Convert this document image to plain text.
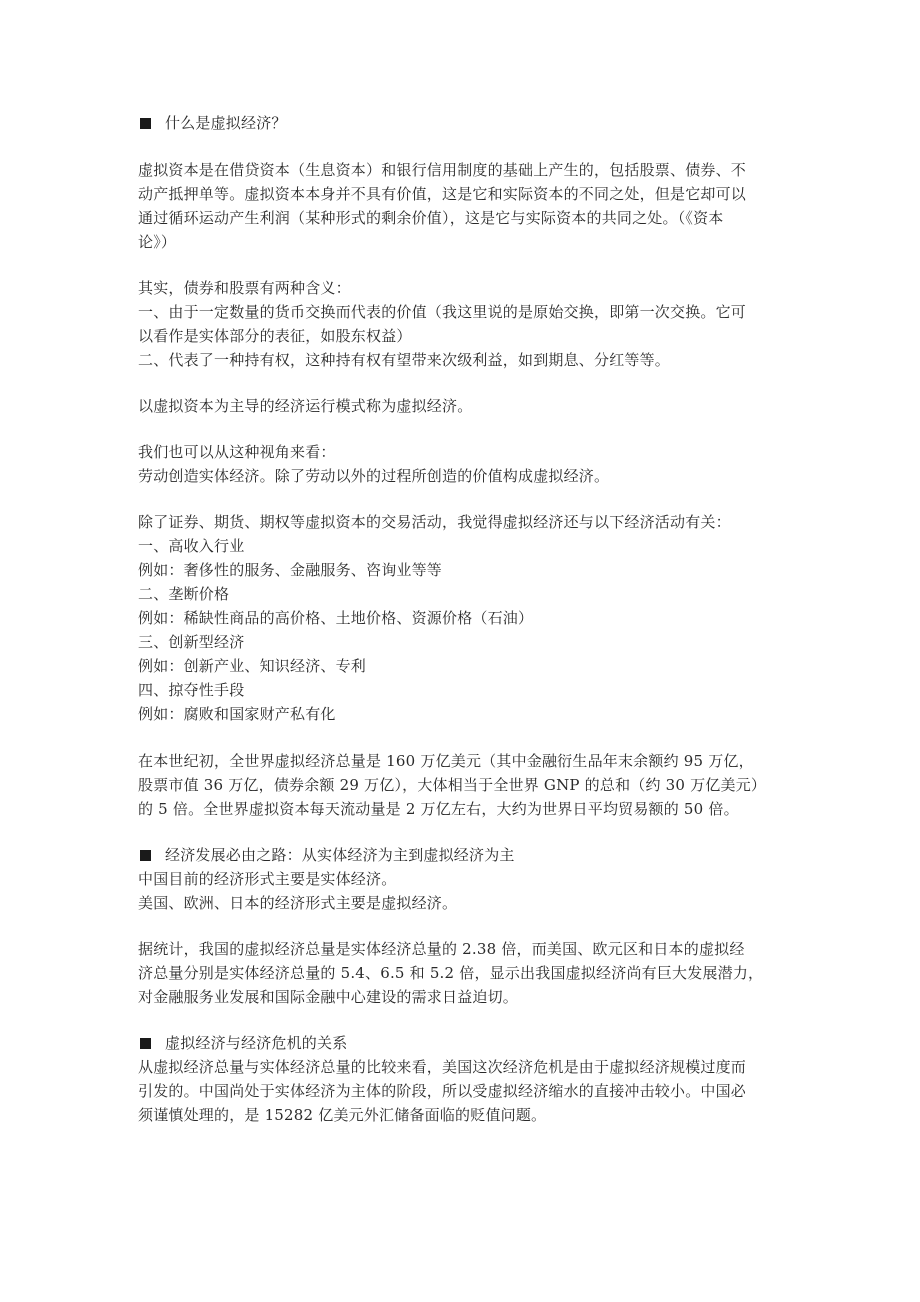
什么是虚拟经济？
虚拟资本是在借贷资本（生息资本）和银行信用制度的基础上产生的，包括股票、债券、不
动产抵押单等。虚拟资本本身并不具有价值，这是它和实际资本的不同之处，但是它却可以
通过循环运动产生利润（某种形式的剩余价值），这是它与实际资本的共同之处。（《资本
论》）
其实，债券和股票有两种含义：
一、由于一定数量的货币交换而代表的价值（我这里说的是原始交换，即第一次交换。它可
以看作是实体部分的表征，如股东权益）
二、代表了一种持有权，这种持有权有望带来次级利益，如到期息、分红等等。
以虚拟资本为主导的经济运行模式称为虚拟经济。
我们也可以从这种视角来看：
劳动创造实体经济。除了劳动以外的过程所创造的价值构成虚拟经济。
除了证券、期货、期权等虚拟资本的交易活动，我觉得虚拟经济还与以下经济活动有关：
一、高收入行业
例如：奢侈性的服务、金融服务、咨询业等等
二、垄断价格
例如：稀缺性商品的高价格、土地价格、资源价格（石油）
三、创新型经济
例如：创新产业、知识经济、专利
四、掠夺性手段
例如：腐败和国家财产私有化
在本世纪初，全世界虚拟经济总量是 160 万亿美元（其中金融衍生品年末余额约 95 万亿，
股票市值 36 万亿，债券余额 29 万亿），大体相当于全世界 GNP 的总和（约 30 万亿美元）
的 5 倍。全世界虚拟资本每天流动量是 2 万亿左右，大约为世界日平均贸易额的 50 倍。
经济发展必由之路：从实体经济为主到虚拟经济为主
中国目前的经济形式主要是实体经济。
美国、欧洲、日本的经济形式主要是虚拟经济。
据统计，我国的虚拟经济总量是实体经济总量的 2.38 倍，而美国、欧元区和日本的虚拟经
济总量分别是实体经济总量的 5.4、6.5 和 5.2 倍，显示出我国虚拟经济尚有巨大发展潜力，
对金融服务业发展和国际金融中心建设的需求日益迫切。
虚拟经济与经济危机的关系
从虚拟经济总量与实体经济总量的比较来看，美国这次经济危机是由于虚拟经济规模过度而
引发的。中国尚处于实体经济为主体的阶段，所以受虚拟经济缩水的直接冲击较小。中国必
须谨慎处理的，是 15282 亿美元外汇储备面临的贬值问题。
